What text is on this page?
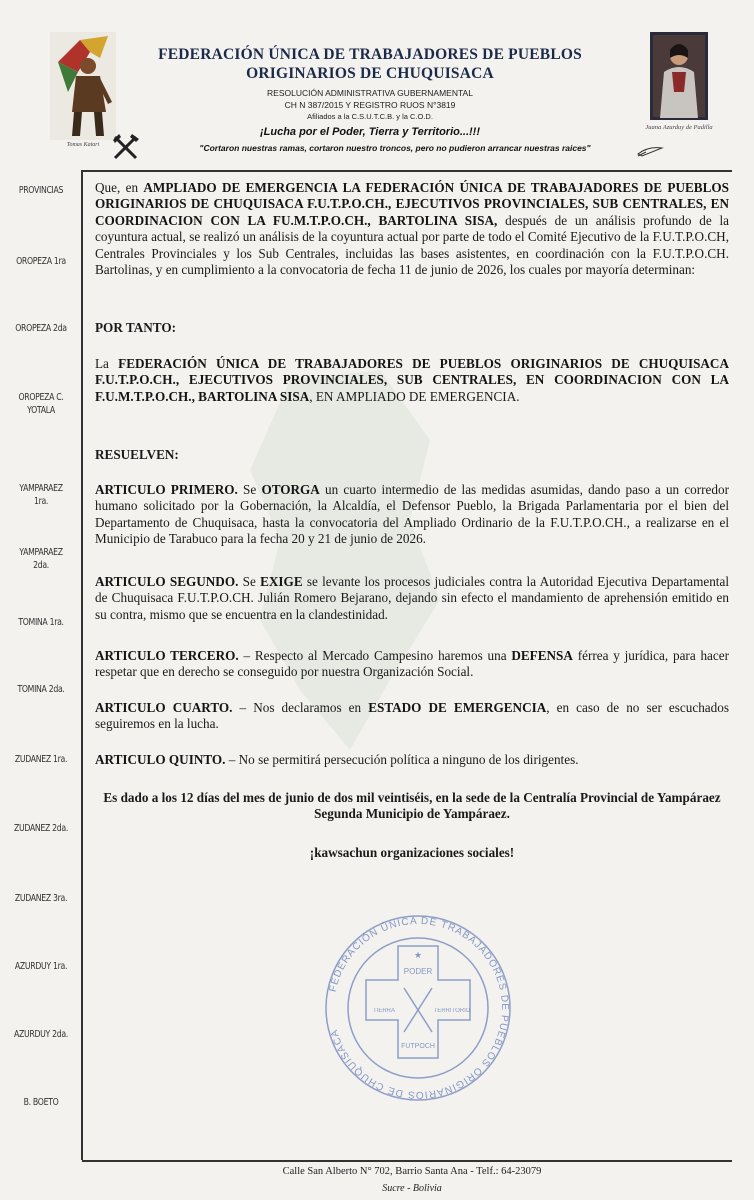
Tomas Katari
FEDERACIÓN ÚNICA DE TRABAJADORES DE PUEBLOS ORIGINARIOS DE CHUQUISACA
RESOLUCIÓN ADMINISTRATIVA GUBERNAMENTAL
CH N 387/2015 Y REGISTRO RUOS N°3819
Afiliados a la C.S.U.T.C.B. y la C.O.D.
¡Lucha por el Poder, Tierra y Territorio...!!!
"Cortaron nuestras ramas, cortaron nuestro troncos, pero no pudieron arrancar nuestras raices"
Juana Azurduy de Padilla
PROVINCIAS
OROPEZA 1ra
OROPEZA 2da
OROPEZA C. YOTALA
YAMPARAEZ 1ra.
YAMPARAEZ 2da.
TOMINA 1ra.
TOMINA 2da.
ZUDAÑEZ 1ra.
ZUDAÑEZ 2da.
ZUDAÑEZ 3ra.
AZURDUY 1ra.
AZURDUY 2da.
B. BOETO
Que, en AMPLIADO DE EMERGENCIA LA FEDERACIÓN ÚNICA DE TRABAJADORES DE PUEBLOS ORIGINARIOS DE CHUQUISACA F.U.T.P.O.CH., EJECUTIVOS PROVINCIALES, SUB CENTRALES, EN COORDINACION CON LA FU.M.T.P.O.CH., BARTOLINA SISA, después de un análisis profundo de la coyuntura actual, se realizó un análisis de la coyuntura actual por parte de todo el Comité Ejecutivo de la F.U.T.P.O.CH, Centrales Provinciales y los Sub Centrales, incluidas las bases asistentes, en coordinación con la F.U.T.P.O.CH. Bartolinas, y en cumplimiento a la convocatoria de fecha 11 de junio de 2026, los cuales por mayoría determinan:
POR TANTO:
La FEDERACIÓN ÚNICA DE TRABAJADORES DE PUEBLOS ORIGINARIOS DE CHUQUISACA F.U.T.P.O.CH., EJECUTIVOS PROVINCIALES, SUB CENTRALES, EN COORDINACION CON LA F.U.M.T.P.O.CH., BARTOLINA SISA, EN AMPLIADO DE EMERGENCIA.
RESUELVEN:
ARTICULO PRIMERO. Se OTORGA un cuarto intermedio de las medidas asumidas, dando paso a un corredor humano solicitado por la Gobernación, la Alcaldía, el Defensor Pueblo, la Brigada Parlamentaria por el bien del Departamento de Chuquisaca, hasta la convocatoria del Ampliado Ordinario de la F.U.T.P.O.CH., a realizarse en el Municipio de Tarabuco para la fecha 20 y 21 de junio de 2026.
ARTICULO SEGUNDO. Se EXIGE se levante los procesos judiciales contra la Autoridad Ejecutiva Departamental de Chuquisaca F.U.T.P.O.CH. Julián Romero Bejarano, dejando sin efecto el mandamiento de aprehensión emitido en su contra, mismo que se encuentra en la clandestinidad.
ARTICULO TERCERO. – Respecto al Mercado Campesino haremos una DEFENSA férrea y jurídica, para hacer respetar que en derecho se conseguido por nuestra Organización Social.
ARTICULO CUARTO. – Nos declaramos en ESTADO DE EMERGENCIA, en caso de no ser escuchados seguiremos en la lucha.
ARTICULO QUINTO. – No se permitirá persecución política a ninguno de los dirigentes.
Es dado a los 12 días del mes de junio de dos mil veintiséis, en la sede de la Centralía Provincial de Yampáraez Segunda Municipio de Yampáraez.
¡kawsachun organizaciones sociales!
FEDERACIÓN ÚNICA DE TRABAJADORES DE PUEBLOS ORIGINARIOS DE CHUQUISACA
PODER
TIERRA	TERRITORIO
FUTPOCH
★
Calle San Alberto N° 702, Barrio Santa Ana - Telf.: 64-23079
Sucre - Bolivia
